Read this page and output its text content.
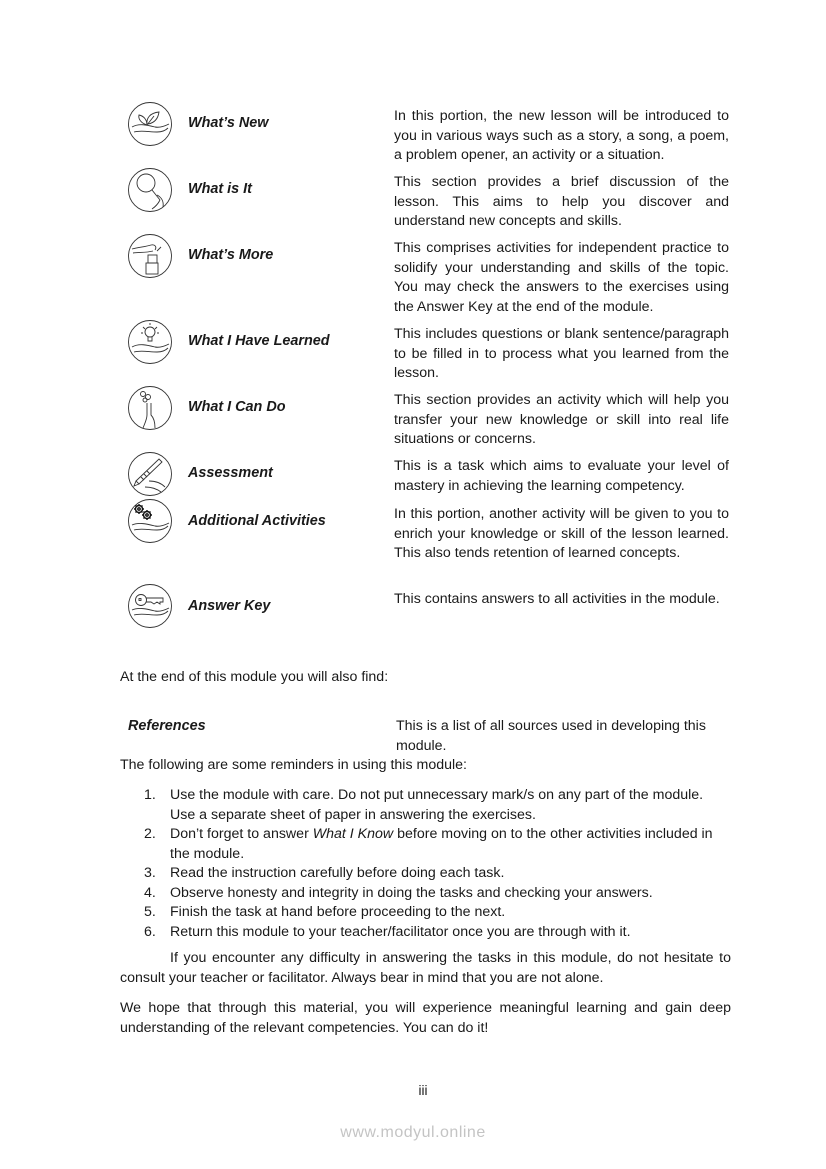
What’s New	In this portion, the new lesson will be introduced to you in various ways such as a story, a song, a poem, a problem opener, an activity or a situation.
What is It	This section provides a brief discussion of the lesson. This aims to help you discover and understand new concepts and skills.
What’s More	This comprises activities for independent practice to solidify your understanding and skills of the topic. You may check the answers to the exercises using the Answer Key at the end of the module.
What I Have Learned	This includes questions or blank sentence/paragraph to be filled in to process what you learned from the lesson.
What I Can Do	This section provides an activity which will help you transfer your new knowledge or skill into real life situations or concerns.
Assessment	This is a task which aims to evaluate your level of mastery in achieving the learning competency.
Additional Activities	In this portion, another activity will be given to you to enrich your knowledge or skill of the lesson learned. This also tends retention of learned concepts.
Answer Key	This contains answers to all activities in the module.
At the end of this module you will also find:
References	This is a list of all sources used in developing this module.
The following are some reminders in using this module:
1. Use the module with care. Do not put unnecessary mark/s on any part of the module. Use a separate sheet of paper in answering the exercises.
2. Don’t forget to answer What I Know before moving on to the other activities included in the module.
3. Read the instruction carefully before doing each task.
4. Observe honesty and integrity in doing the tasks and checking your answers.
5. Finish the task at hand before proceeding to the next.
6. Return this module to your teacher/facilitator once you are through with it.
If you encounter any difficulty in answering the tasks in this module, do not hesitate to consult your teacher or facilitator. Always bear in mind that you are not alone.
We hope that through this material, you will experience meaningful learning and gain deep understanding of the relevant competencies. You can do it!
iii
www.modyul.online
